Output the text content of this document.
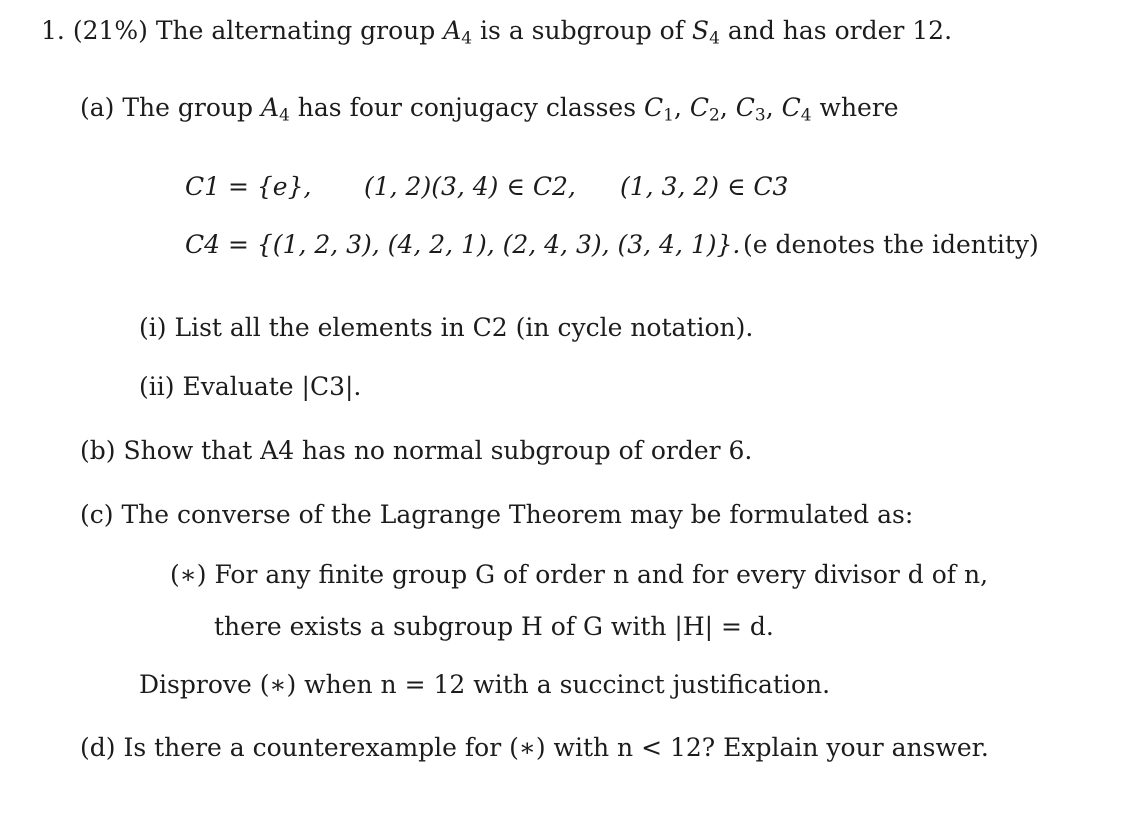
1. (21%) The alternating group $A_4$ is a subgroup of $S_4$ and has order 12.
(a) The group $A_4$ has four conjugacy classes $C_1$, $C_2$, $C_3$, $C_4$ where
C1 = {e}, (1, 2)(3, 4) ∈ C2, (1, 3, 2) ∈ C3
C4 = {(1, 2, 3), (4, 2, 1), (2, 4, 3), (3, 4, 1)}. (e denotes the identity)
(i) List all the elements in C2 (in cycle notation).
(ii) Evaluate |C3|.
(b) Show that A4 has no normal subgroup of order 6.
(c) The converse of the Lagrange Theorem may be formulated as:
(∗) For any finite group G of order n and for every divisor d of n,
there exists a subgroup H of G with |H| = d.
Disprove (∗) when n = 12 with a succinct justification.
(d) Is there a counterexample for (∗) with n < 12? Explain your answer.
